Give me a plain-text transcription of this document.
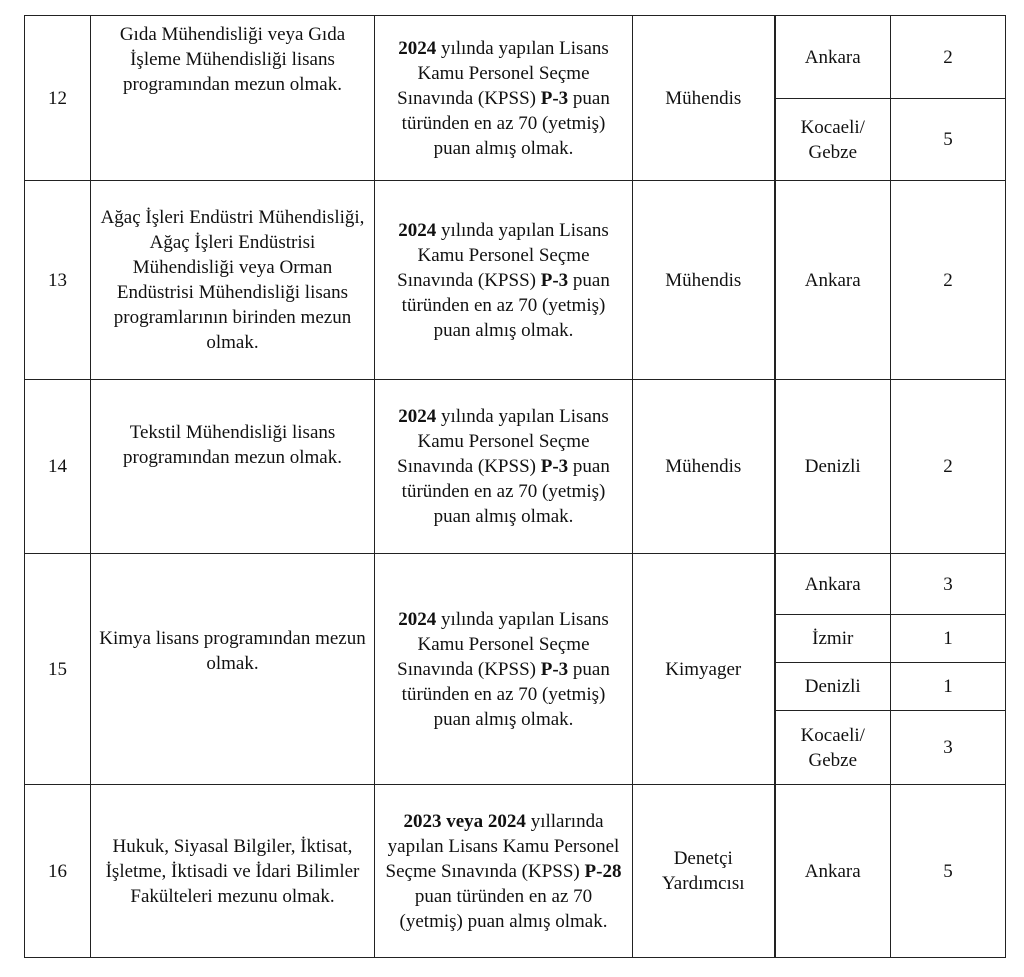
12	Gıda Mühendisliği veya Gıda İşleme Mühendisliği lisans programından mezun olmak.	2024 yılında yapılan Lisans Kamu Personel Seçme Sınavında (KPSS) P-3 puan türünden en az 70 (yetmiş) puan almış olmak.	Mühendis	Ankara	2
				Kocaeli/ Gebze	5
13	Ağaç İşleri Endüstri Mühendisliği, Ağaç İşleri Endüstrisi Mühendisliği veya Orman Endüstrisi Mühendisliği lisans programlarının birinden mezun olmak.	2024 yılında yapılan Lisans Kamu Personel Seçme Sınavında (KPSS) P-3 puan türünden en az 70 (yetmiş) puan almış olmak.	Mühendis	Ankara	2
14	Tekstil Mühendisliği lisans programından mezun olmak.	2024 yılında yapılan Lisans Kamu Personel Seçme Sınavında (KPSS) P-3 puan türünden en az 70 (yetmiş) puan almış olmak.	Mühendis	Denizli	2
15	Kimya lisans programından mezun olmak.	2024 yılında yapılan Lisans Kamu Personel Seçme Sınavında (KPSS) P-3 puan türünden en az 70 (yetmiş) puan almış olmak.	Kimyager	Ankara	3
				İzmir	1
				Denizli	1
				Kocaeli/ Gebze	3
16	Hukuk, Siyasal Bilgiler, İktisat, İşletme, İktisadi ve İdari Bilimler Fakülteleri mezunu olmak.	2023 veya 2024 yıllarında yapılan Lisans Kamu Personel Seçme Sınavında (KPSS) P-28 puan türünden en az 70 (yetmiş) puan almış olmak.	Denetçi Yardımcısı	Ankara	5
